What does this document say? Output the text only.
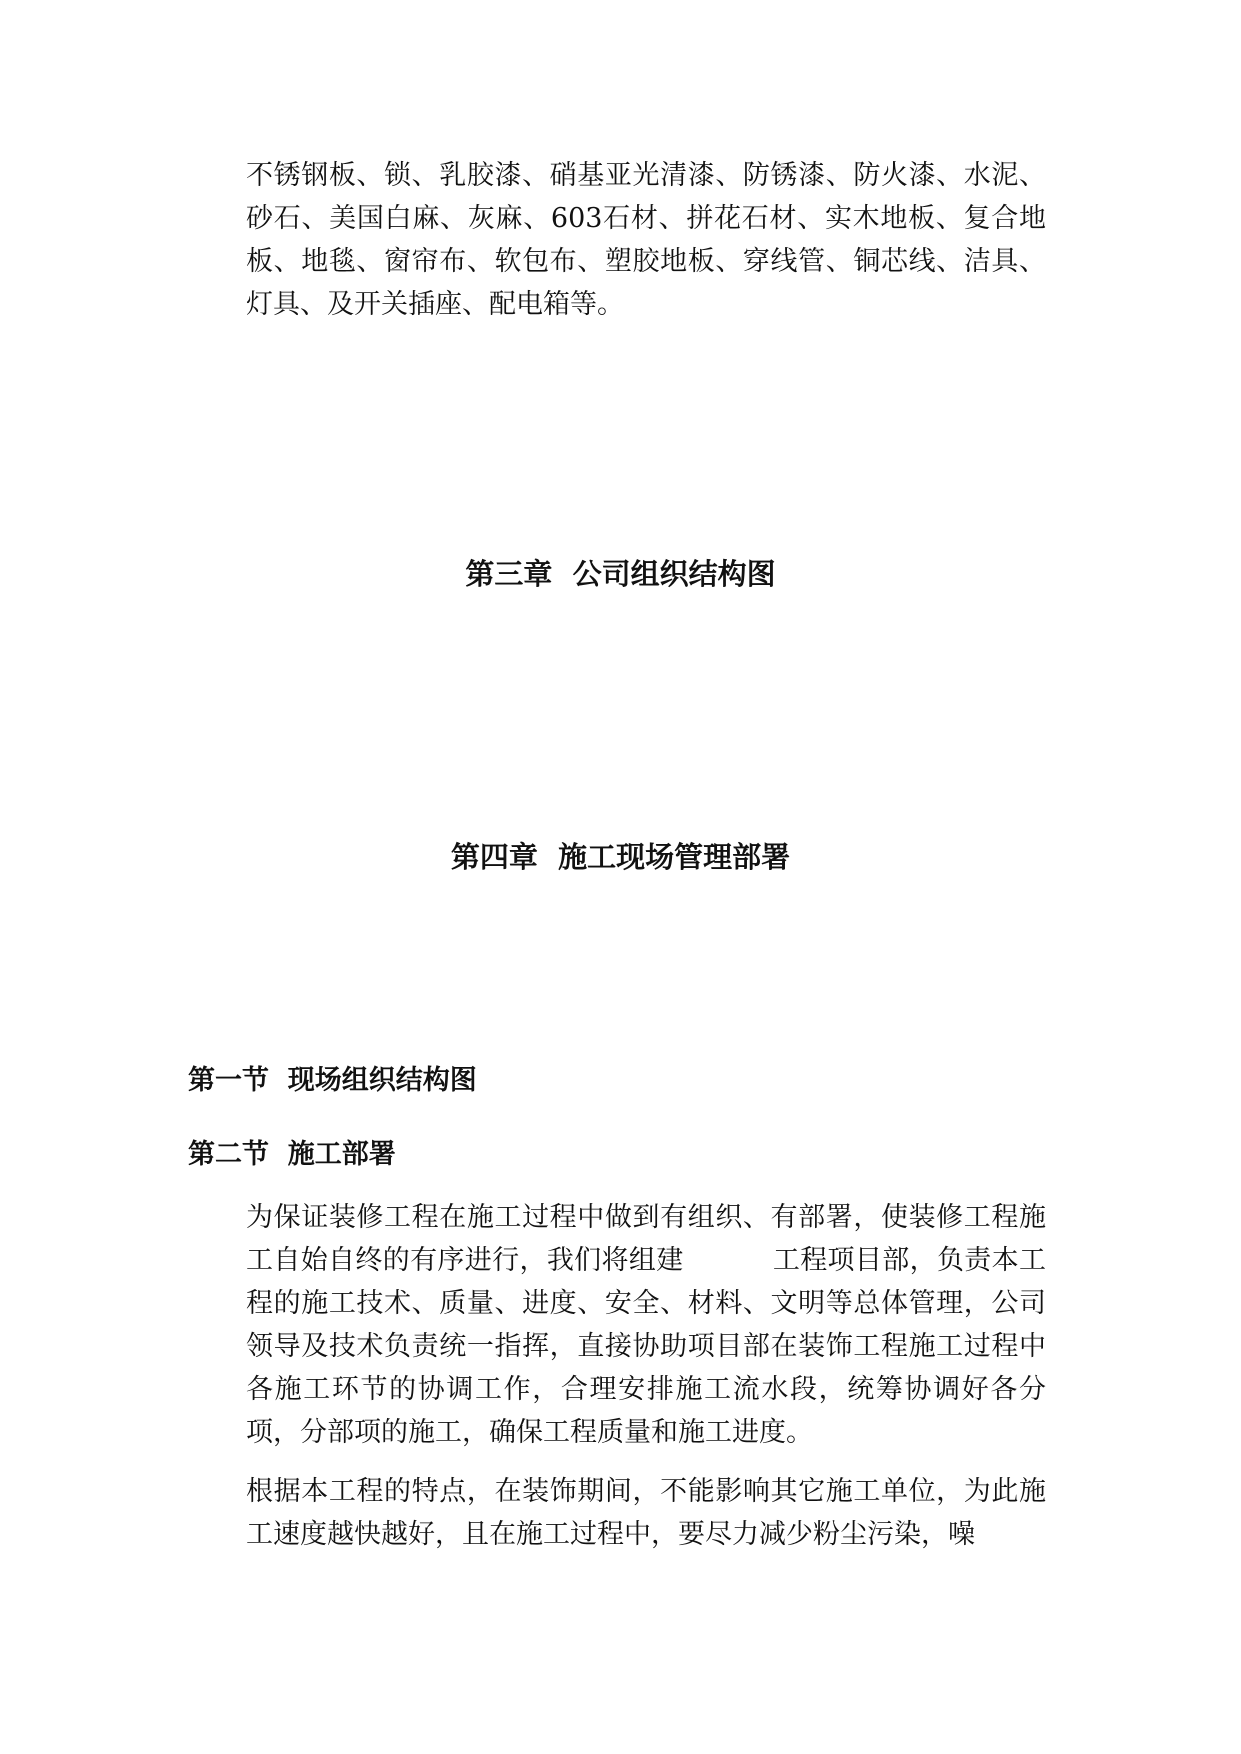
不锈钢板、锁、乳胶漆、硝基亚光清漆、防锈漆、防火漆、水泥、砂石、美国白麻、灰麻、603石材、拼花石材、实木地板、复合地板、地毯、窗帘布、软包布、塑胶地板、穿线管、铜芯线、洁具、灯具、及开关插座、配电箱等。
第三章  公司组织结构图
第四章  施工现场管理部署
第一节  现场组织结构图
第二节  施工部署
为保证装修工程在施工过程中做到有组织、有部署，使装修工程施工自始自终的有序进行，我们将组建          工程项目部，负责本工程的施工技术、质量、进度、安全、材料、文明等总体管理，公司领导及技术负责统一指挥，直接协助项目部在装饰工程施工过程中各施工环节的协调工作，合理安排施工流水段，统筹协调好各分项，分部项的施工，确保工程质量和施工进度。
根据本工程的特点，在装饰期间，不能影响其它施工单位，为此施工速度越快越好，且在施工过程中，要尽力减少粉尘污染，噪
